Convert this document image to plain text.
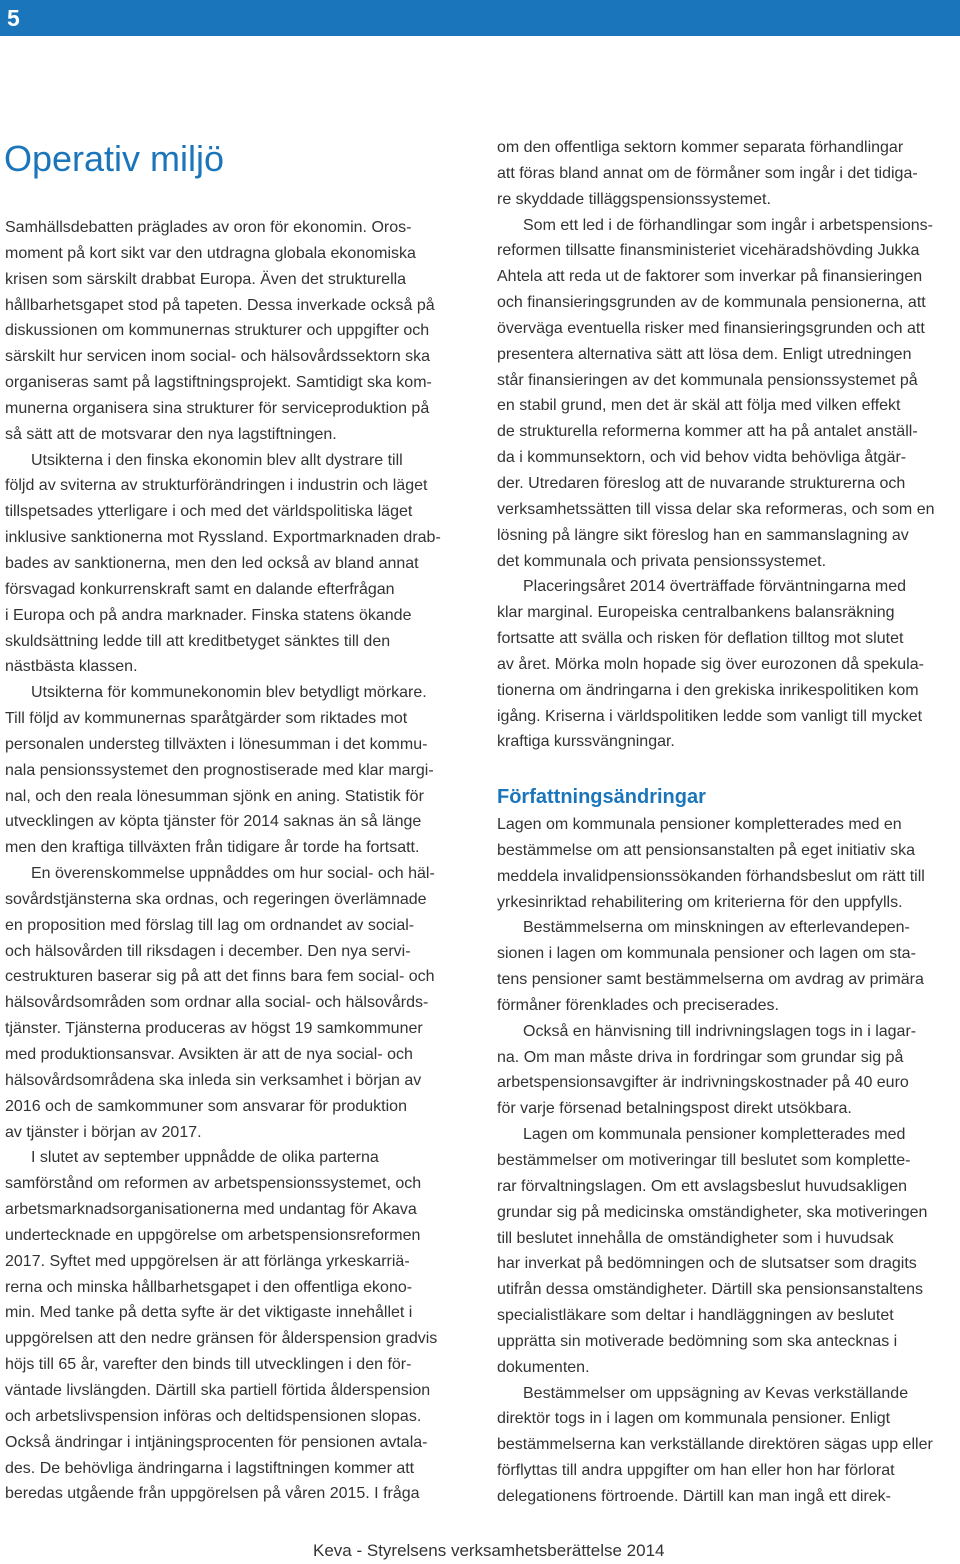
5
Operativ miljö
Samhällsdebatten präglades av oron för ekonomin. Oros-
moment på kort sikt var den utdragna globala ekonomiska
krisen som särskilt drabbat Europa. Även det strukturella
hållbarhetsgapet stod på tapeten. Dessa inverkade också på
diskussionen om kommunernas strukturer och uppgifter och
särskilt hur servicen inom social- och hälsovårdssektorn ska
organiseras samt på lagstiftningsprojekt. Samtidigt ska kom-
munerna organisera sina strukturer för serviceproduktion på
så sätt att de motsvarar den nya lagstiftningen.
Utsikterna i den finska ekonomin blev allt dystrare till
följd av sviterna av strukturförändringen i industrin och läget
tillspetsades ytterligare i och med det världspolitiska läget
inklusive sanktionerna mot Ryssland. Exportmarknaden drab-
bades av sanktionerna, men den led också av bland annat
försvagad konkurrenskraft samt en dalande efterfrågan
i Europa och på andra marknader. Finska statens ökande
skuldsättning ledde till att kreditbetyget sänktes till den
nästbästa klassen.
Utsikterna för kommunekonomin blev betydligt mörkare.
Till följd av kommunernas sparåtgärder som riktades mot
personalen understeg tillväxten i lönesumman i det kommu-
nala pensionssystemet den prognostiserade med klar margi-
nal, och den reala lönesumman sjönk en aning. Statistik för
utvecklingen av köpta tjänster för 2014 saknas än så länge
men den kraftiga tillväxten från tidigare år torde ha fortsatt.
En överenskommelse uppnåddes om hur social- och häl-
sovårdstjänsterna ska ordnas, och regeringen överlämnade
en proposition med förslag till lag om ordnandet av social-
och hälsovården till riksdagen i december. Den nya servi-
cestrukturen baserar sig på att det finns bara fem social- och
hälsovårdsområden som ordnar alla social- och hälsovårds-
tjänster. Tjänsterna produceras av högst 19 samkommuner
med produktionsansvar. Avsikten är att de nya social- och
hälsovårdsområdena ska inleda sin verksamhet i början av
2016 och de samkommuner som ansvarar för produktion
av tjänster i början av 2017.
I slutet av september uppnådde de olika parterna
samförstånd om reformen av arbetspensionssystemet, och
arbetsmarknadsorganisationerna med undantag för Akava
undertecknade en uppgörelse om arbetspensionsreformen
2017. Syftet med uppgörelsen är att förlänga yrkeskarriä-
rerna och minska hållbarhetsgapet i den offentliga ekono-
min. Med tanke på detta syfte är det viktigaste innehållet i
uppgörelsen att den nedre gränsen för ålderspension gradvis
höjs till 65 år, varefter den binds till utvecklingen i den för-
väntade livslängden. Därtill ska partiell förtida ålderspension
och arbetslivspension införas och deltidspensionen slopas.
Också ändringar i intjäningsprocenten för pensionen avtala-
des. De behövliga ändringarna i lagstiftningen kommer att
beredas utgående från uppgörelsen på våren 2015. I fråga
om den offentliga sektorn kommer separata förhandlingar
att föras bland annat om de förmåner som ingår i det tidiga-
re skyddade tilläggspensionssystemet.
Som ett led i de förhandlingar som ingår i arbetspensions-
reformen tillsatte finansministeriet vicehäradshövding Jukka
Ahtela att reda ut de faktorer som inverkar på finansieringen
och finansieringsgrunden av de kommunala pensionerna, att
överväga eventuella risker med finansieringsgrunden och att
presentera alternativa sätt att lösa dem. Enligt utredningen
står finansieringen av det kommunala pensionssystemet på
en stabil grund, men det är skäl att följa med vilken effekt
de strukturella reformerna kommer att ha på antalet anställ-
da i kommunsektorn, och vid behov vidta behövliga åtgär-
der. Utredaren föreslog att de nuvarande strukturerna och
verksamhetssätten till vissa delar ska reformeras, och som en
lösning på längre sikt föreslog han en sammanslagning av
det kommunala och privata pensionssystemet.
Placeringsåret 2014 överträffade förväntningarna med
klar marginal. Europeiska centralbankens balansräkning
fortsatte att svälla och risken för deflation tilltog mot slutet
av året. Mörka moln hopade sig över eurozonen då spekula-
tionerna om ändringarna i den grekiska inrikespolitiken kom
igång. Kriserna i världspolitiken ledde som vanligt till mycket
kraftiga kurssvängningar.
Författningsändringar
Lagen om kommunala pensioner kompletterades med en
bestämmelse om att pensionsanstalten på eget initiativ ska
meddela invalidpensionssökanden förhandsbeslut om rätt till
yrkesinriktad rehabilitering om kriterierna för den uppfylls.
Bestämmelserna om minskningen av efterlevandepen-
sionen i lagen om kommunala pensioner och lagen om sta-
tens pensioner samt bestämmelserna om avdrag av primära
förmåner förenklades och preciserades.
Också en hänvisning till indrivningslagen togs in i lagar-
na. Om man måste driva in fordringar som grundar sig på
arbetspensionsavgifter är indrivningskostnader på 40 euro
för varje försenad betalningspost direkt utsökbara.
Lagen om kommunala pensioner kompletterades med
bestämmelser om motiveringar till beslutet som komplette-
rar förvaltningslagen. Om ett avslagsbeslut huvudsakligen
grundar sig på medicinska omständigheter, ska motiveringen
till beslutet innehålla de omständigheter som i huvudsak
har inverkat på bedömningen och de slutsatser som dragits
utifrån dessa omständigheter. Därtill ska pensionsanstaltens
specialistläkare som deltar i handläggningen av beslutet
upprätta sin motiverade bedömning som ska antecknas i
dokumenten.
Bestämmelser om uppsägning av Kevas verkställande
direktör togs in i lagen om kommunala pensioner. Enligt
bestämmelserna kan verkställande direktören sägas upp eller
förflyttas till andra uppgifter om han eller hon har förlorat
delegationens förtroende. Därtill kan man ingå ett direk-
Keva - Styrelsens verksamhetsberättelse 2014
